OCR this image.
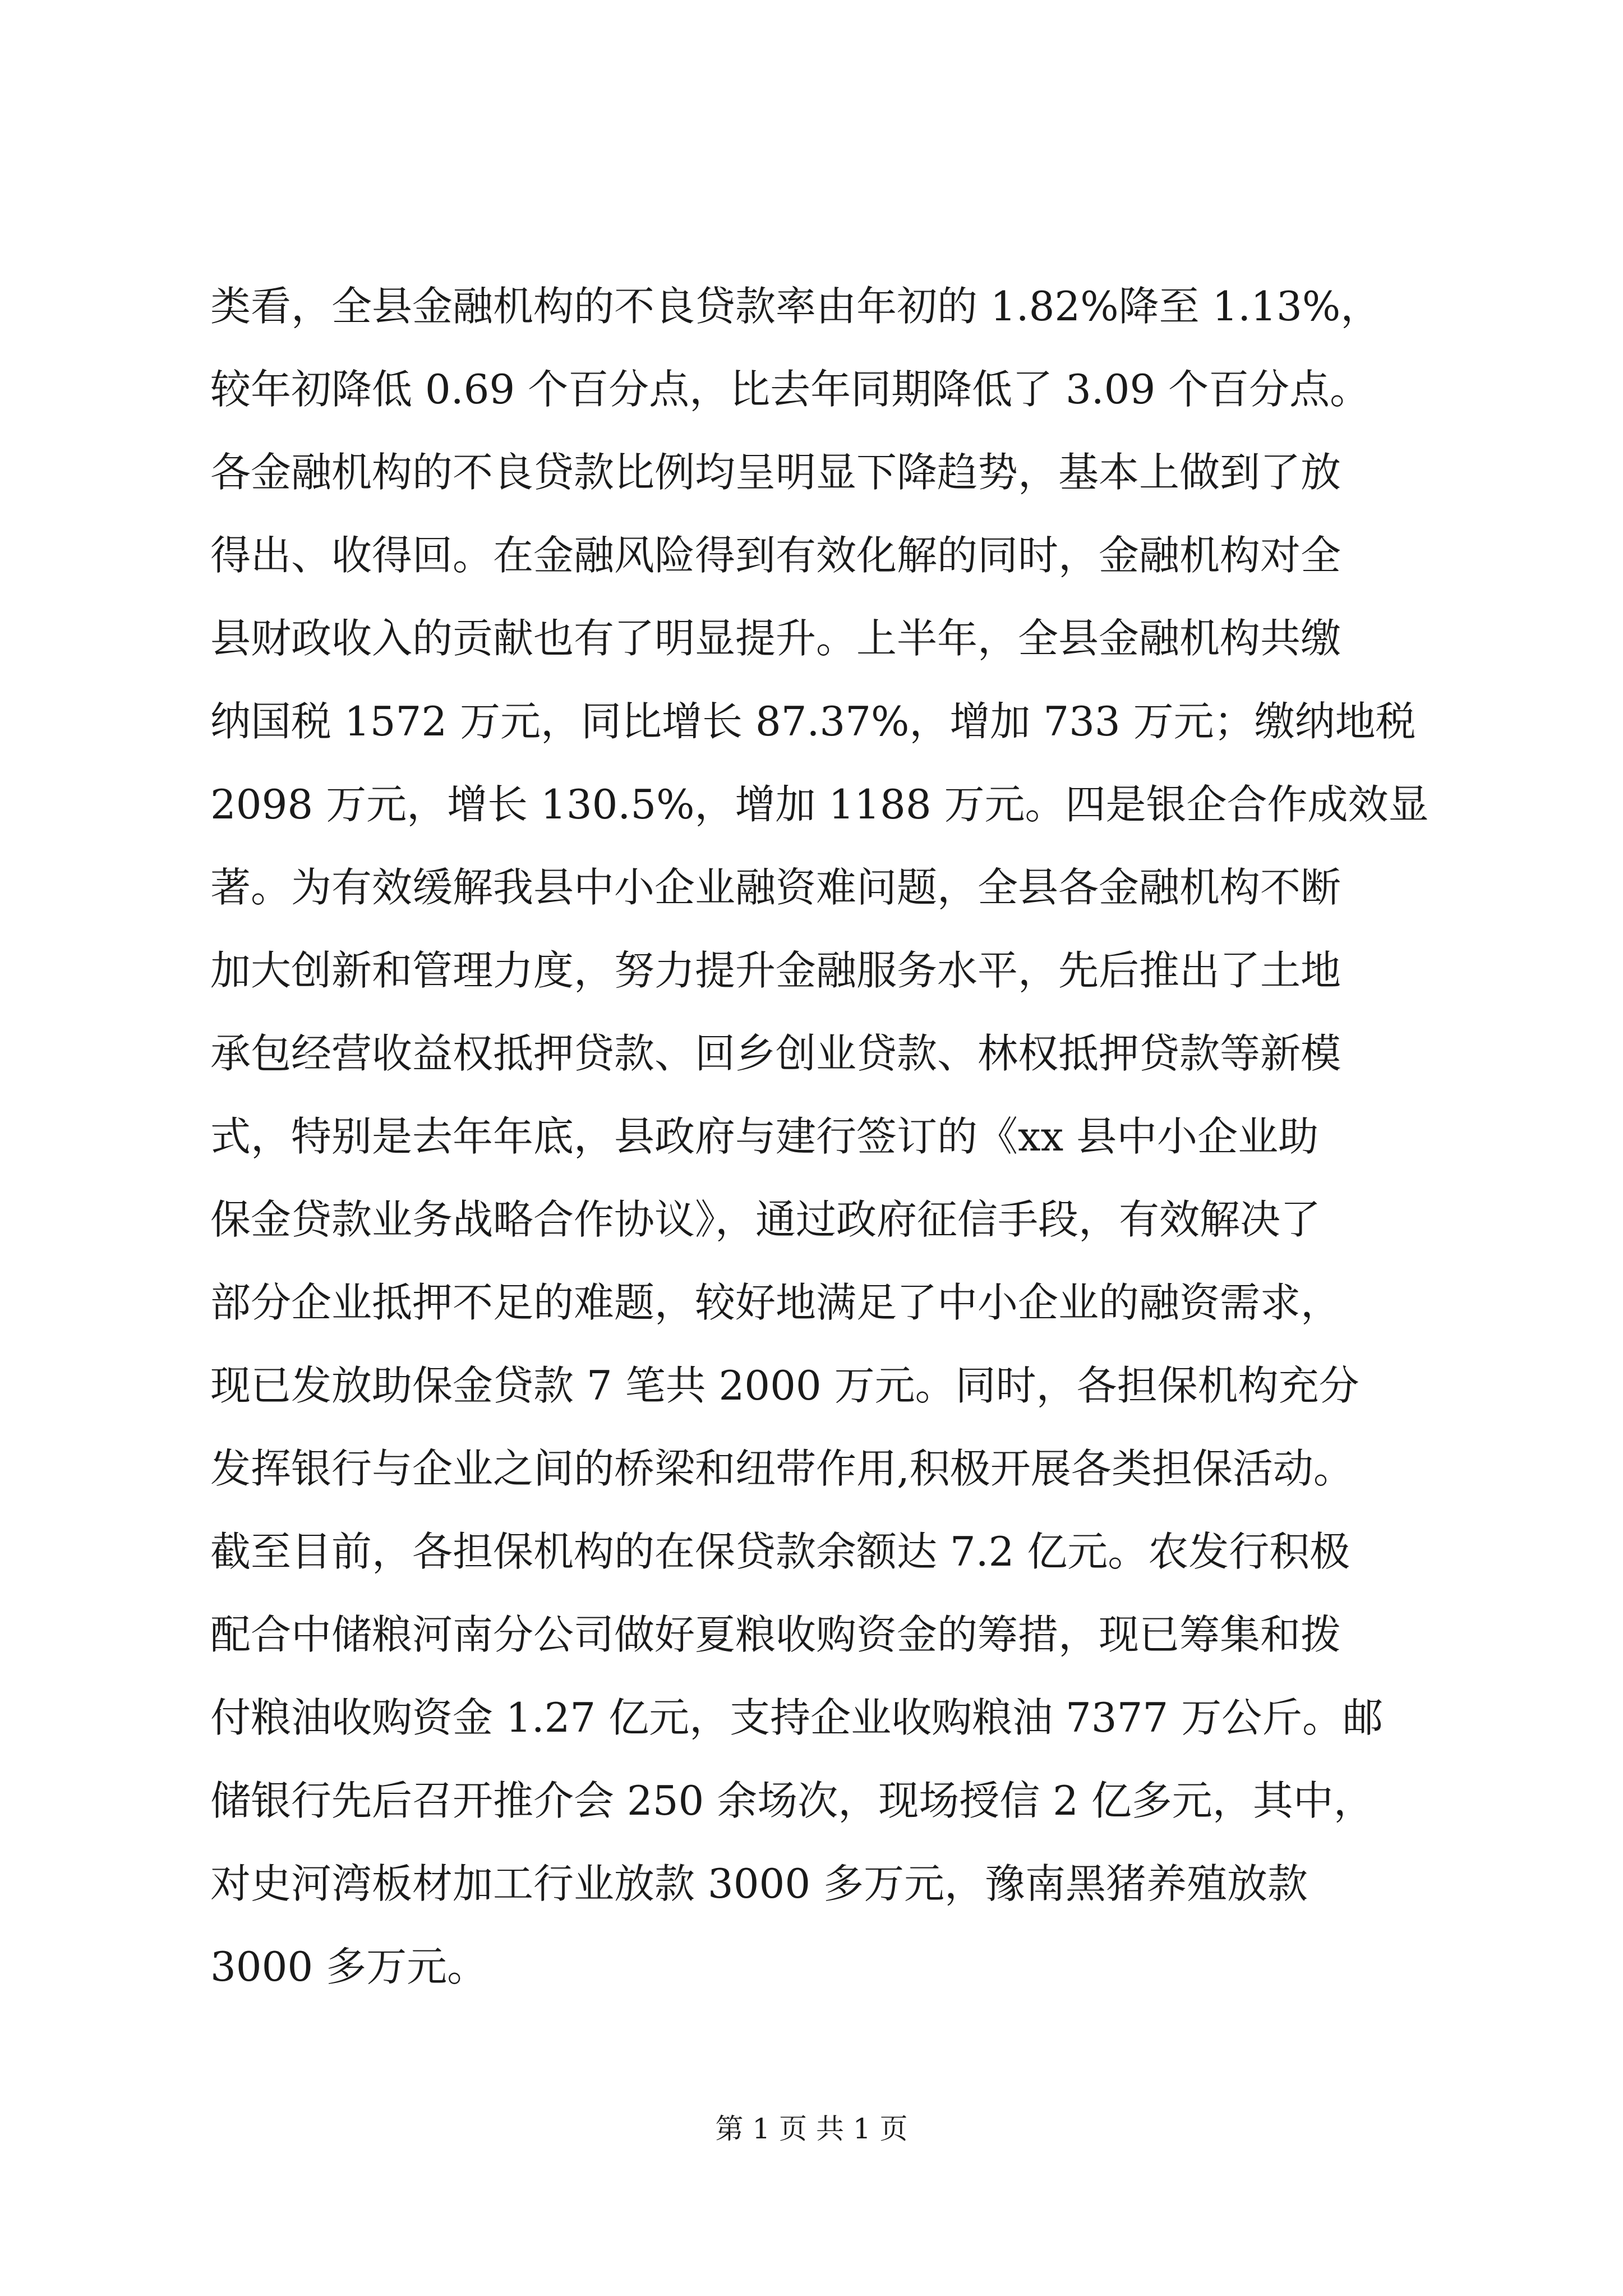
类看，全县金融机构的不良贷款率由年初的 1.82%降至 1.13%，
较年初降低 0.69 个百分点，比去年同期降低了 3.09 个百分点。
各金融机构的不良贷款比例均呈明显下降趋势，基本上做到了放
得出、收得回。在金融风险得到有效化解的同时，金融机构对全
县财政收入的贡献也有了明显提升。上半年，全县金融机构共缴
纳国税 1572 万元，同比增长 87.37%，增加 733 万元；缴纳地税
2098 万元，增长 130.5%，增加 1188 万元。四是银企合作成效显
著。为有效缓解我县中小企业融资难问题，全县各金融机构不断
加大创新和管理力度，努力提升金融服务水平，先后推出了土地
承包经营收益权抵押贷款、回乡创业贷款、林权抵押贷款等新模
式，特别是去年年底，县政府与建行签订的《xx 县中小企业助
保金贷款业务战略合作协议》，通过政府征信手段，有效解决了
部分企业抵押不足的难题，较好地满足了中小企业的融资需求，
现已发放助保金贷款 7 笔共 2000 万元。同时，各担保机构充分
发挥银行与企业之间的桥梁和纽带作用,积极开展各类担保活动。
截至目前，各担保机构的在保贷款余额达 7.2 亿元。农发行积极
配合中储粮河南分公司做好夏粮收购资金的筹措，现已筹集和拨
付粮油收购资金 1.27 亿元，支持企业收购粮油 7377 万公斤。邮
储银行先后召开推介会 250 余场次，现场授信 2 亿多元，其中，
对史河湾板材加工行业放款 3000 多万元，豫南黑猪养殖放款
3000 多万元。
第 1 页 共 1 页
